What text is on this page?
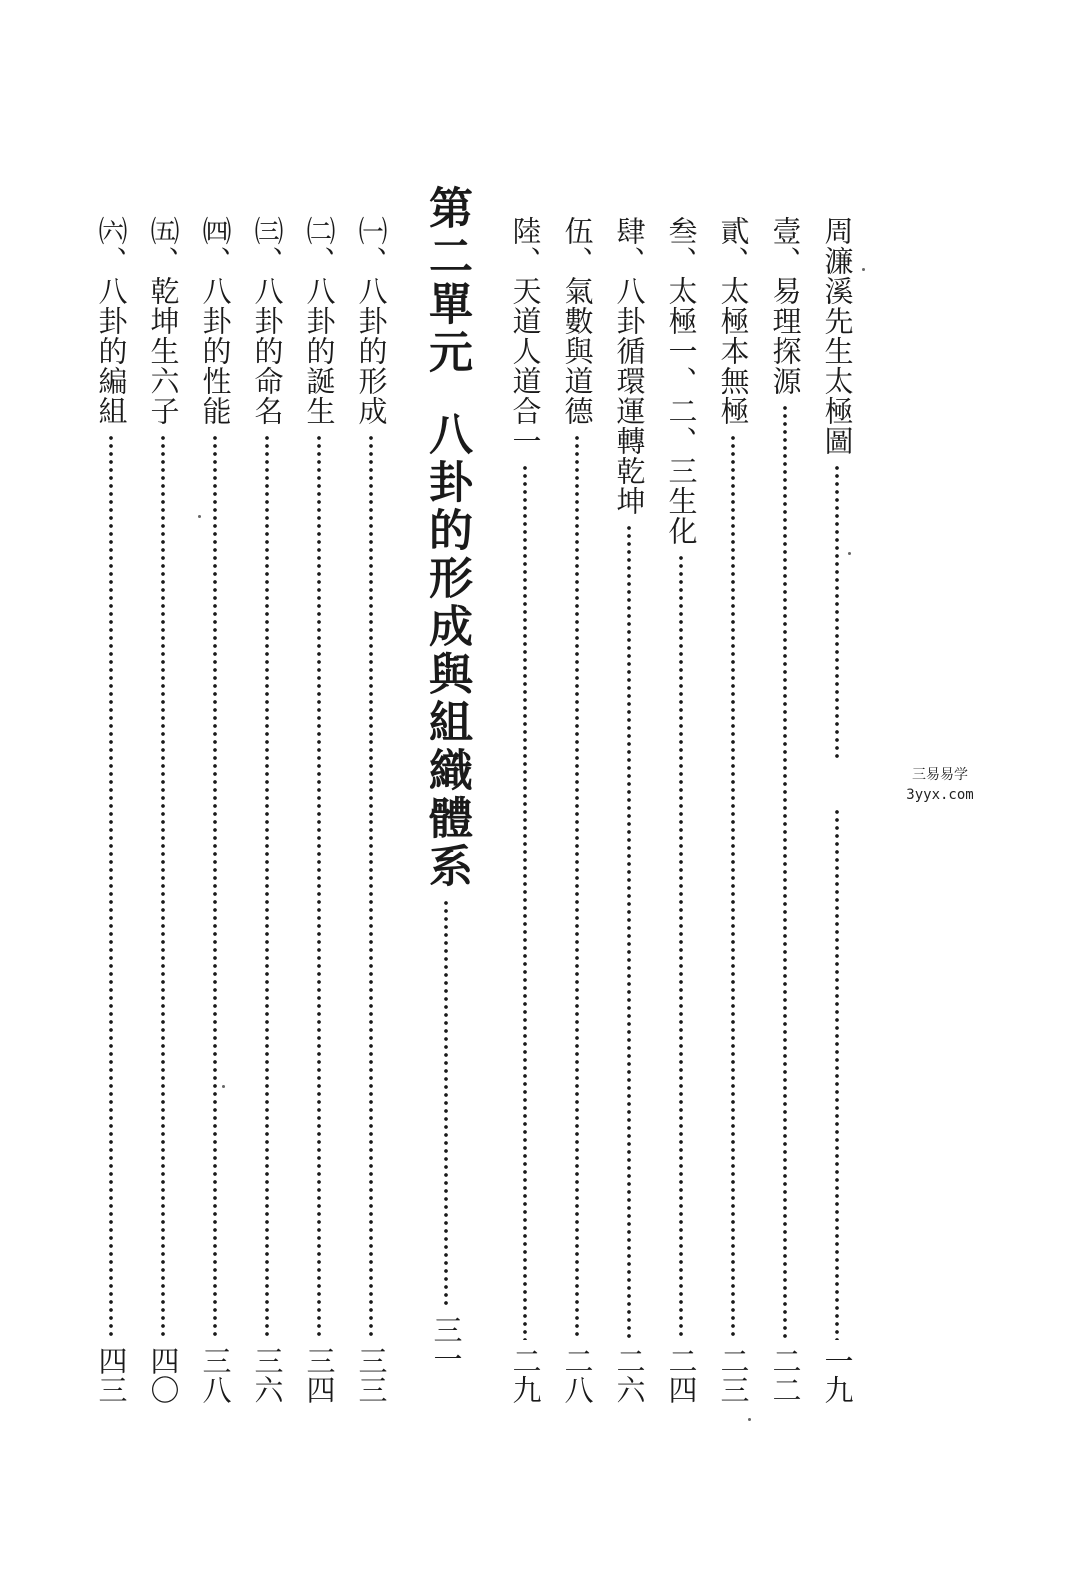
周濂溪先生太極圖
一九
壹、易理探源
二二
貳、太極本無極
二三
叁、太極一、二、三生化
二四
肆、八卦循環運轉乾坤
二六
伍、氣數與道德
二八
陸、天道人道合一
二九
第二單元八卦的形成與組織體系
三一
㈠、八卦的形成
三三
㈡、八卦的誕生
三四
㈢、八卦的命名
三六
㈣、八卦的性能
三八
㈤、乾坤生六子
四〇
㈥、八卦的編組
四三
三易易学
3yyx.com
